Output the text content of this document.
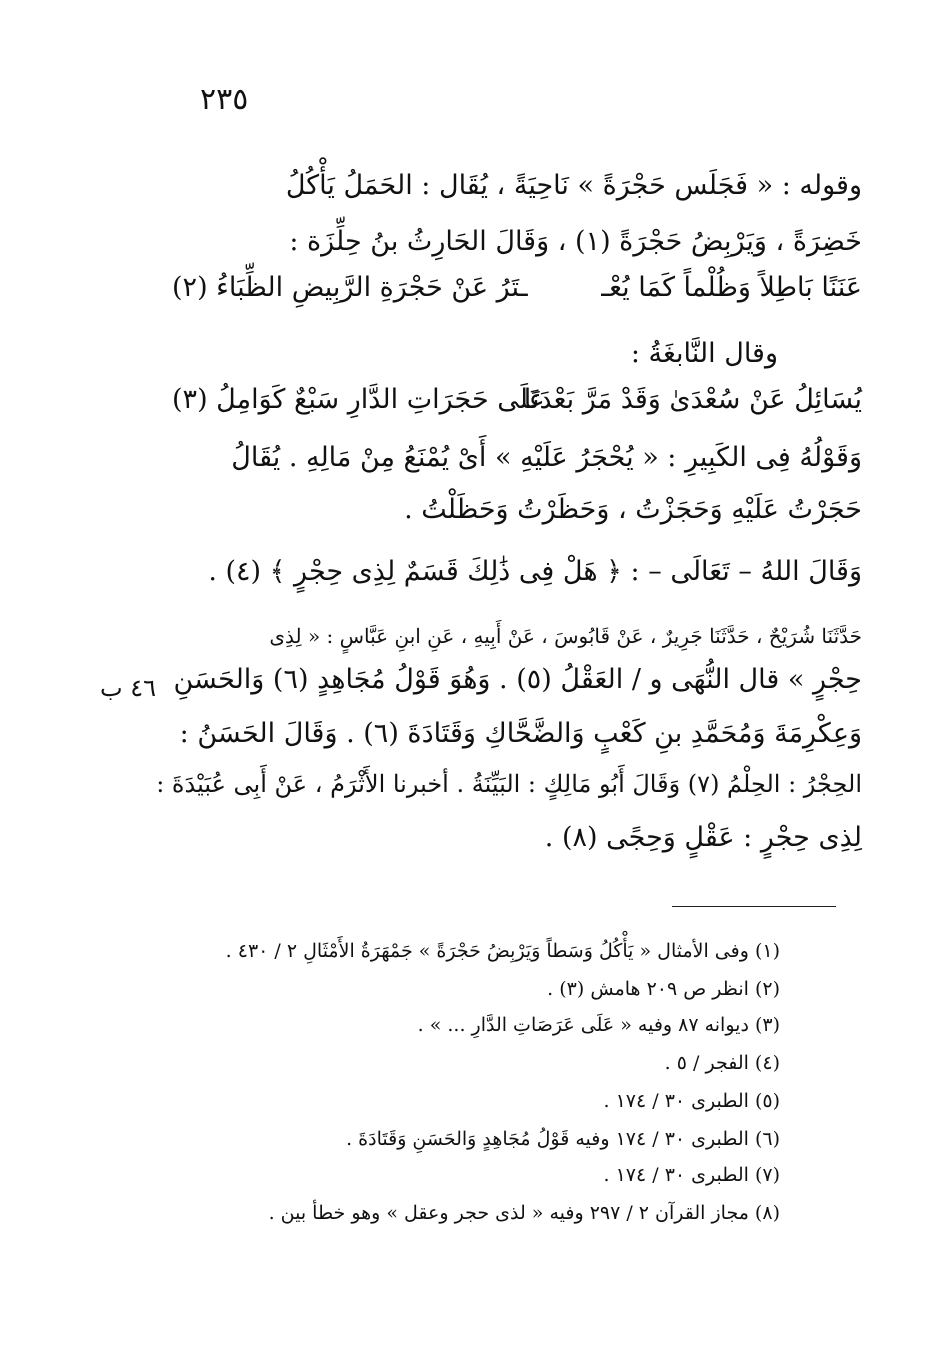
٢٣٥
وقوله : « فَجَلَس حَجْرَةً » نَاحِيَةً ، يُقَال : الحَمَلُ يَأْكُلُ
خَضِرَةً ، وَيَرْبِضُ حَجْرَةً (١) ، وَقَالَ الحَارِثُ بنُ حِلِّزَة :
عَنَنًا بَاطِلاً وَظُلْماً كَمَا يُعْـ
ـتَرُ عَنْ حَجْرَةِ الرَّبِيضِ الظِّبَاءُ (٢)
وقال النَّابغَةُ :
يُسَائِلُ عَنْ سُعْدَىٰ وَقَدْ مَرَّ بَعْدَنَا
عَلَى حَجَرَاتِ الدَّارِ سَبْعٌ كَوَامِلُ (٣)
وَقَوْلُهُ فِى الكَبِيرِ : « يُحْجَرُ عَلَيْهِ » أَىْ يُمْنَعُ مِنْ مَالِهِ . يُقَالُ
حَجَرْتُ عَلَيْهِ وَحَجَزْتُ ، وَحَظَرْتُ وَحَظَلْتُ .
وَقَالَ اللهُ – تَعَالَى – : ﴿ هَلْ فِى ذَٰلِكَ قَسَمٌ لِذِى حِجْرٍ ﴾ (٤) .
حَدَّثَنَا شُرَيْحٌ ، حَدَّثَنَا جَرِيرٌ ، عَنْ قَابُوسَ ، عَنْ أَبِيهِ ، عَنِ ابنِ عَبَّاسٍ : « لِذِى
حِجْرٍ » قال النُّهَى و / العَقْلُ (٥) . وَهُوَ قَوْلُ مُجَاهِدٍ (٦) وَالحَسَنِ
٤٦ ب
وَعِكْرِمَةَ وَمُحَمَّدِ بنِ كَعْبٍ وَالضَّحَّاكِ وَقَتَادَةَ (٦) . وَقَالَ الحَسَنُ :
الحِجْرُ : الحِلْمُ (٧) وَقَالَ أَبُو مَالِكٍ : البَيِّنَةُ . أخبرنا الأَثْرَمُ ، عَنْ أَبِى عُبَيْدَةَ :
لِذِى حِجْرٍ : عَقْلٍ وَحِجًى (٨) .
(١) وفى الأمثال « يَأْكُلُ وَسَطاً وَيَرْبِضُ حَجْرَةً » جَمْهَرَةُ الأَمْثَالِ ٢ / ٤٣٠ .
(٢) انظر ص ٢٠٩ هامش (٣) .
(٣) ديوانه ٨٧ وفيه « عَلَى عَرَصَاتِ الدَّارِ ... » .
(٤) الفجر / ٥ .
(٥) الطبرى ٣٠ / ١٧٤ .
(٦) الطبرى ٣٠ / ١٧٤ وفيه قَوْلُ مُجَاهِدٍ وَالحَسَنِ وَقَتَادَةَ .
(٧) الطبرى ٣٠ / ١٧٤ .
(٨) مجاز القرآن ٢ / ٢٩٧ وفيه « لذى حجر وعقل » وهو خطأ بين .
